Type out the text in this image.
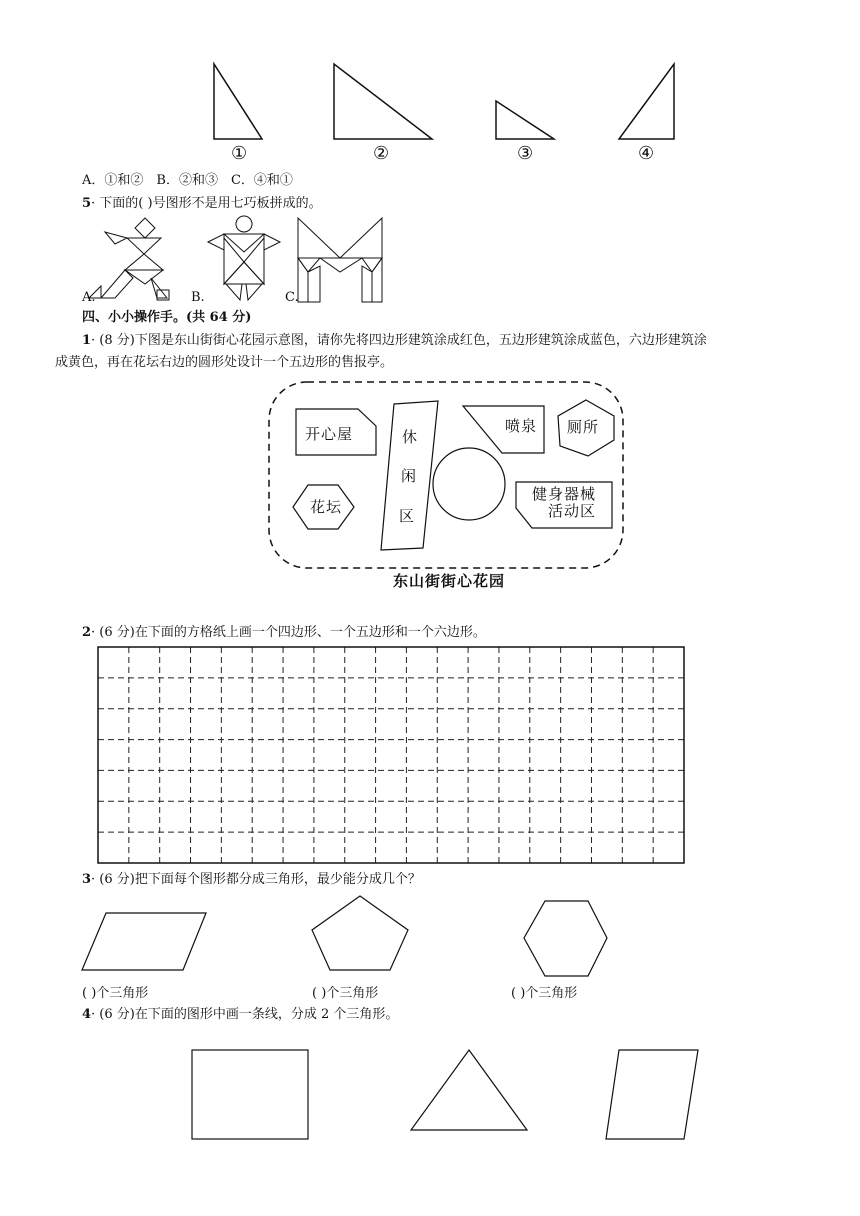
①	②	③	④
A．①和②　B．②和③　C．④和①
5· 下面的( )号图形不是用七巧板拼成的。
A.	B.	C.
四、小小操作手。(共 64 分)
1· (8 分)下图是东山街街心花园示意图，请你先将四边形建筑涂成红色，五边形建筑涂成蓝色，六边形建筑涂
成黄色，再在花坛右边的圆形处设计一个五边形的售报亭。
开心屋	休
闲
区
喷泉 厕所
花坛
健身器械
活动区
东山街街心花园
2· (6 分)在下面的方格纸上画一个四边形、一个五边形和一个六边形。
3· (6 分)把下面每个图形都分成三角形，最少能分成几个？
( )个三角形	( )个三角形	( )个三角形
4· (6 分)在下面的图形中画一条线，分成 2 个三角形。
